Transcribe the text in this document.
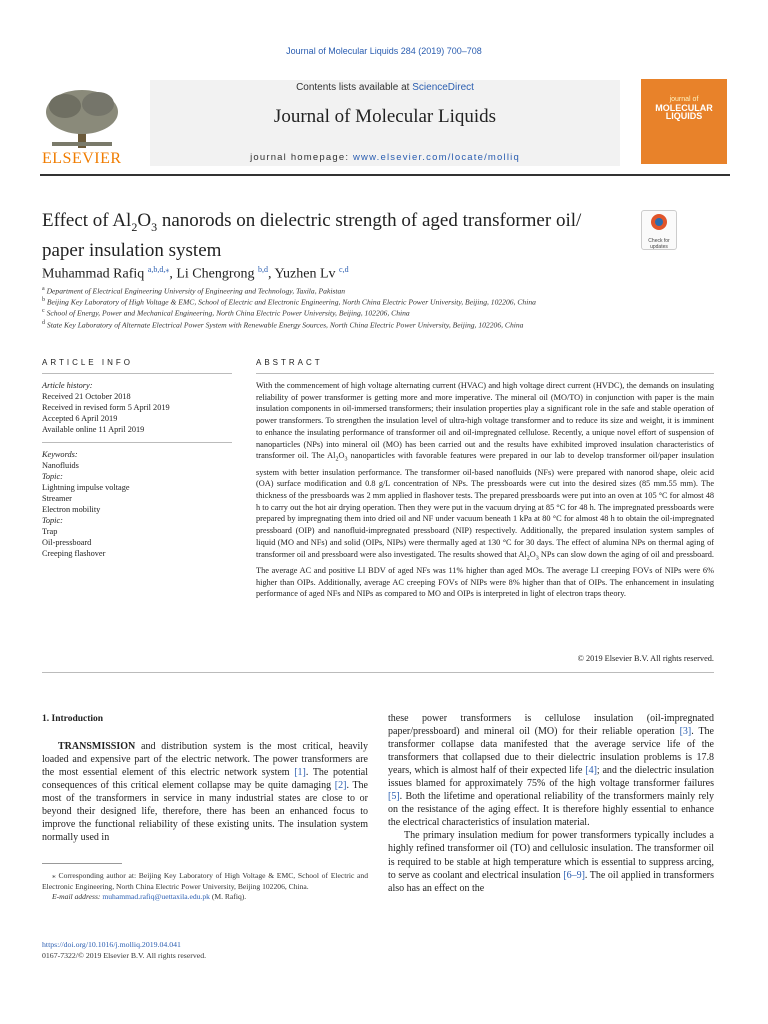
Journal of Molecular Liquids 284 (2019) 700–708
ELSEVIER
Contents lists available at ScienceDirect
Journal of Molecular Liquids
journal homepage: www.elsevier.com/locate/molliq
journal of
MOLECULAR
LIQUIDS
Effect of $Al_2O_3$ nanorods on dielectric strength of aged transformer oil/
paper insulation system	Check for updates
Muhammad Rafiq $^{a,b,d,⁎}$, Li Chengrong $^{b,d}$, Yuzhen Lv $^{c,d}$
$^a$ Department of Electrical Engineering University of Engineering and Technology, Taxila, Pakistan
$^b$ Beijing Key Laboratory of High Voltage & EMC, School of Electric and Electronic Engineering, North China Electric Power University, Beijing, 102206, China
$^c$ School of Energy, Power and Mechanical Engineering, North China Electric Power University, Beijing, 102206, China
$^d$ State Key Laboratory of Alternate Electrical Power System with Renewable Energy Sources, North China Electric Power University, Beijing, 102206, China
ARTICLE INFO
Article history:
Received 21 October 2018
Received in revised form 5 April 2019
Accepted 6 April 2019
Available online 11 April 2019
Keywords:
Nanofluids
Topic:
Lightning impulse voltage
Streamer
Electron mobility
Topic:
Trap
Oil-pressboard
Creeping flashover
ABSTRACT
With the commencement of high voltage alternating current (HVAC) and high voltage direct current (HVDC), the demands on insulating reliability of power transformer is getting more and more imperative. The mineral oil (MO/TO) in conjunction with paper is the main insulation components in oil-immersed transformers; their insulation properties play a significant role in the safe and stable operation of power transformers. To strengthen the insulation level of ultra-high voltage transformer and to reduce its size and weight, it is imminent to enhance the insulating performance of transformer oil and oil-impregnated cellulose. Recently, a unique novel effort of suspension of nanoparticles (NPs) into mineral oil (MO) has been carried out and the results have exhibited improved insulation characteristics of transformer oil. The $Al_2O_3$ nanoparticles with favorable features were prepared in our lab to develop transformer oil/paper insulation system with better insulation performance. The transformer oil-based nanofluids (NFs) were prepared with nanorod shape, oleic acid (OA) surface modification and 0.8 g/L concentration of NPs. The pressboards were cut into the desired sizes (85 mm.55 mm). The thickness of the pressboards was 2 mm applied in flashover tests. The prepared pressboards were put into an oven at 105 °C for almost 48 h to carry out the hot air drying operation. Then they were put in the vacuum drying at 85 °C for 48 h. The impregnated pressboards were prepared by impregnating them into dried oil and NF under vacuum beneath 1 kPa at 80 °C for almost 48 h to obtain the oil-impregnated pressboard (OIP) and nanofluid-impregnated pressboard (NIP) respectively. Additionally, the prepared insulation system samples of liquid (MO and NFs) and solid (OIPs, NIPs) were thermally aged at 130 °C for 30 days. The effect of alumina NPs on thermal aging of transformer oil and pressboard were also investigated. The results showed that $Al_2O_3$ NPs can slow down the aging of oil and pressboard. The average AC and positive LI BDV of aged NFs was 11% higher than aged MOs. The average LI creeping FOVs of NIPs were 6% higher than OIPs. Additionally, average AC creeping FOVs of NIPs were 8% higher than that of OIPs. The enhancement in insulating performance of aged NFs and NIPs as compared to MO and OIPs is interpreted in light of electron traps theory.
© 2019 Elsevier B.V. All rights reserved.
1. Introduction

TRANSMISSION and distribution system is the most critical, heavily loaded and expensive part of the electric network. The power transformers are the most essential element of this electric network system [1]. The potential consequences of this critical element collapse may be quite damaging [2]. The most of the transformers in service in many industrial states are close to or beyond their designed life, therefore, there has been an enhanced focus to improve the functional reliability of these existing units. The insulation system normally used in

these power transformers is cellulose insulation (oil-impregnated paper/pressboard) and mineral oil (MO) for their reliable operation [3]. The transformer collapse data manifested that the average service life of the transformers that collapsed due to their dielectric insulation problems is 17.8 years, which is almost half of their expected life [4]; and the dielectric insulation issues blamed for approximately 75% of the high voltage transformer failures [5]. Both the lifetime and operational reliability of the transformers mainly rely on the resistance of the aging effect. It is therefore highly essential to enhance the electrical characteristics of insulation material.

The primary insulation medium for power transformers typically includes a highly refined transformer oil (TO) and cellulosic insulation. The transformer oil is required to be stable at high temperature which is essential to suppress arcing, to serve as coolant and electrical insulation [6–9]. The oil applied in transformers also has an effect on the

⁎ Corresponding author at: Beijing Key Laboratory of High Voltage & EMC, School of Electric and Electronic Engineering, North China Electric Power University, Beijing 102206, China.
E-mail address: muhammad.rafiq@uettaxila.edu.pk (M. Rafiq).
https://doi.org/10.1016/j.molliq.2019.04.041
0167-7322/© 2019 Elsevier B.V. All rights reserved.
